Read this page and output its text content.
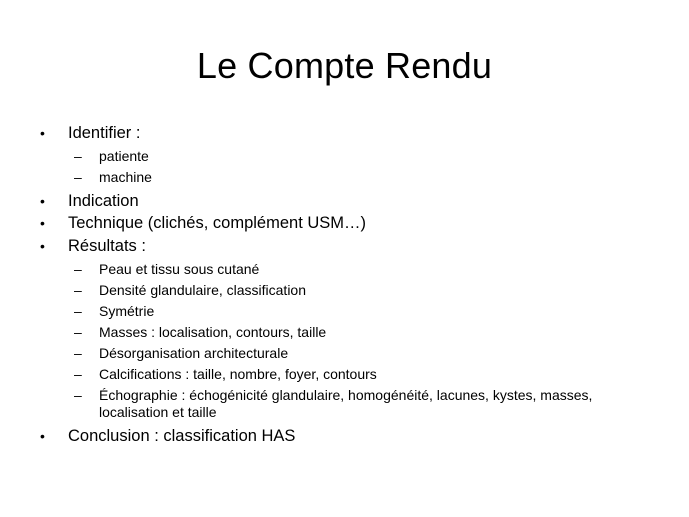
Le Compte Rendu
• Identifier :
– patiente
– machine
• Indication
• Technique (clichés, complément USM…)
• Résultats :
– Peau et tissu sous cutané
– Densité glandulaire, classification
– Symétrie
– Masses : localisation, contours, taille
– Désorganisation architecturale
– Calcifications : taille, nombre, foyer, contours
– Échographie : échogénicité glandulaire, homogénéité, lacunes, kystes, masses, localisation et taille
• Conclusion : classification HAS
